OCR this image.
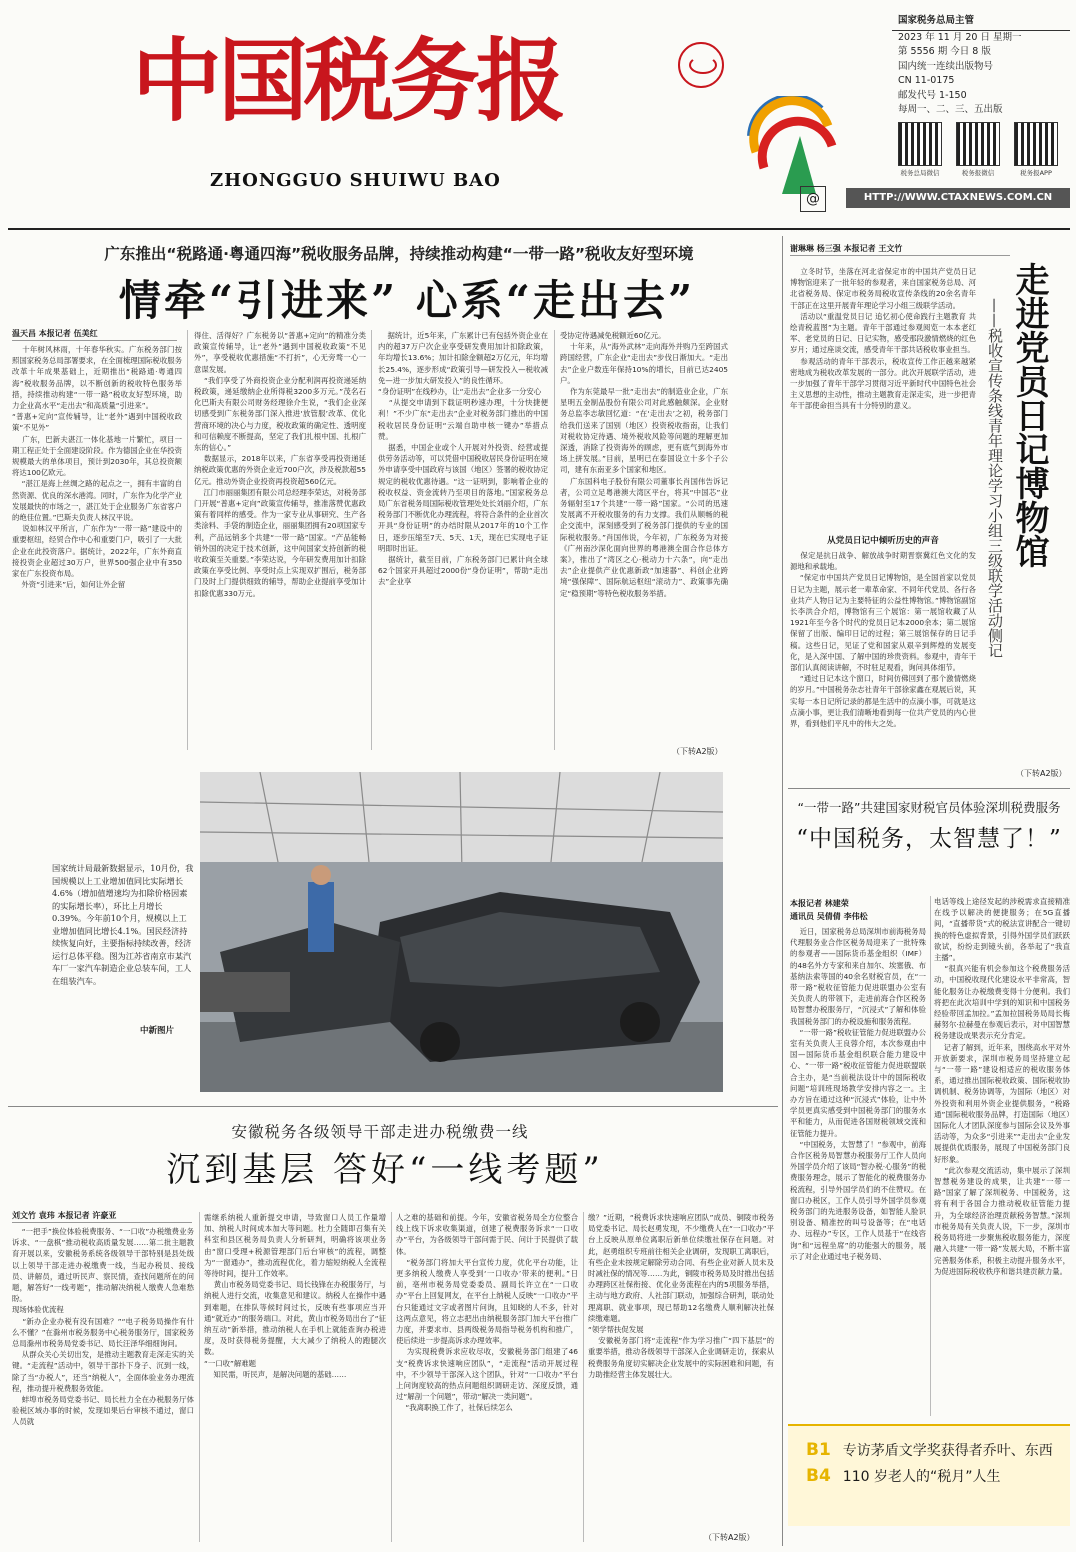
中国税务报
ZHONGGUO SHUIWU BAO
国家税务总局主管
2023 年 11 月 20 日 星期一
第 5556 期 今日 8 版
国内统一连续出版物号
CN 11-0175
邮发代号 1-150
每周一、二、三、五出版
税务总局微信	税务报微信	税务报APP
@	HTTP://WWW.CTAXNEWS.COM.CN
广东推出“税路通·粤通四海”税收服务品牌，持续推动构建“一带一路”税收友好型环境
情牵“引进来” 心系“走出去”
温天昌 本报记者 伍美红
十年树风林雨，十年春华秋实。广东税务部门按照国家税务总局部署要求，在全面梳理国际税收服务改革十年成果基础上，近期推出“税路通·粤通四海”税收服务品牌，以不断创新的税收特色服务举措，持续推动构建“一带一路”税收友好型环境，助力企业高水平“走出去”和高质量“引进来”。
“普惠+定向”宣传辅导，让“老外”遇到中国税收政策“不见外”
广东，巴新夫湛江一体化基地一片繁忙，项目一期工程正处于全面建设阶段。作为德国企业在华投资规模最大的单体项目，预计到2030年，其总投资额将达100亿欧元。
“湛江是海上丝绸之路的起点之一，拥有丰富的自然资源、优良的深水港湾。同时，广东作为化学产业发展最快的市场之一，湛江处于企业服务广东省客户的绝佳位置。”巴斯夫负责人林汉平说。
说如林汉平所言，广东作为“一带一路”建设中的重要枢纽，经贸合作中心和重要门户，吸引了一大批企业在此投资落户。据统计，2022年，广东外商直接投资企业超过30万户，世界500强企业中有350家在广东投资布局。
外资“引进来”后，如何让外企留
得住、活得好？广东税务以“普惠+定向”的精准分类政策宣传辅导，让“老外”遇到中国税收政策“不见外”，享受税收优惠措施“不打折”，心无旁骛一心一意谋发展。
“我们享受了外商投资企业分配利润再投资递延纳税政策，递延缴纳企业所得税3200多万元。”茂名石化巴斯夫有限公司财务经理徐介生说，“我们企业深切感受到广东税务部门深入推进‘放管服’改革、优化营商环境的决心与力度，税收政策的确定性、透明度和可信赖度不断提高，坚定了我们扎根中国、扎根广东的信心。”
数据显示，2018年以来，广东省享受再投资递延纳税政策优惠的外资企业近700户次，涉及税款超55亿元。推动外资企业投资再投资超560亿元。
江门市丽丽集团有限公司总经理李荣达，对税务部门开展“普惠+定向”政策宣传辅导，推准落赞优惠政策有着同样的感受。作为一家专业从事研究、生产各类涂料、手袋的制造企业，丽丽集团拥有20项国家专利，产品远销多个共建“一带一路”国家。“产品能畅销外国的决定于技术创新，这中间国家支持创新的税收政策至关重要。”李荣达说，今年研发费用加计扣除政策在享受比例、享受时点上实现双扩围后，税务部门及时上门提供细致的辅导，帮助企业提前享受加计扣除优惠330万元。
据统计，近5年来，广东累计已有包括外资企业在内的超37万户次企业享受研发费用加计扣除政策，年均增长13.6%；加计扣除金额超2万亿元，年均增长25.4%，逐步形成“政策引导—研发投入—税收减免—进一步加大研发投入”的良性循环。
“身份证明”在线秒办，让“走出去”企业多一分安心
“从提交申请到下载证明秒速办理，十分快捷便利！”不少广东“走出去”企业对税务部门推出的中国税收居民身份证明“云端自助申核一键办”举措点赞。
据悉，中国企业或个人开展对外投资、经营或提供劳务活动等，可以凭借中国税收居民身份证明在境外申请享受中国政府与该国（地区）签署的税收协定规定的税收优惠待遇。“这一证明到，影响着企业的税收权益、资金流转乃至项目的落地。”国家税务总局广东省税务局国际税收管理处处长刘丽介绍，广东税务部门不断优化办理流程，将符合条件的企业首次开具“身份证明”的办结时限从2017年的10个工作日，逐步压缩至7天、5天、1天，现在已实现电子证明即时出证。
据统计，截至目前，广东税务部门已累计向全球62个国家开具超过2000份“身份证明”，帮助“走出去”企业享
受协定待遇减免税额近60亿元。
十年来，从“海外武林”走向海外并购乃至跨国式跨国经营，广东企业“走出去”步伐日渐加大。“走出去”企业户数连年保持10%的增长，目前已达2405户。
作为东莞最早一批“走出去”的制造业企业，广东星明五金制品股份有限公司对此感触颇深。企业财务总监李志敏回忆道：“在‘走出去’之初，税务部门给我们送来了国别（地区）投资税收指南，让我们对税收协定待遇、境外税收风险等问题的理解更加深透，消除了投资海外的顾虑，更有底气到海外市场上拼发展。”目前，星明已在泰国设立十多个子公司，建有东南亚多个国家和地区。
广东国科电子股份有限公司董事长肖国伟告诉记者，公司立足粤港澳大湾区平台，将其“中国芯”业务辐射至17个共建“一带一路”国家。“公司的迅速发展离不开税收服务的有力支撑。我们从顺畅的税企交流中，深刻感受到了税务部门提供的专业的国际税收服务。”肖国伟说，今年初，广东税务为对接《广州南沙深化面向世界的粤港澳全面合作总体方案》，推出了“湾区之心·税动力十六条”，向“走出去”企业提供产业优惠新政“加速器”、科创企业跨境“强保障”、国际航运枢纽“滚动力”、政策事先确定“稳预期”等特色税收服务举措。
（下转A2版）
国家统计局最新数据显示，10月份，我国规模以上工业增加值同比实际增长4.6%（增加值增速均为扣除价格因素的实际增长率），环比上月增长0.39%。今年前10个月，规模以上工业增加值同比增长4.1%。国民经济持续恢复向好，主要指标持续改善，经济运行总体平稳。图为江苏省南京市某汽车厂一家汽车制造企业总装车间，工人在组装汽车。
中新图片
谢琳琳 杨三强 本报记者 王文竹
立冬时节，坐落在河北省保定市的中国共产党员日记博物馆迎来了一批年轻的参观者，来自国家税务总局、河北省税务局、保定市税务局税收宣传条线的20余名青年干部正在这里开展青年理论学习小组三级联学活动。
活动以“重温党员日记 追忆初心使命践行主题教育 共绘青税蓝图”为主题。青年干部通过参观阅览一本本老红军、老党员的日记、日记实物，感受那段激情燃烧的红色岁月；通过座谈交流，感受青年干部共话税收事业担当。
参观活动的青年干部表示，税收宣传工作正越来越紧密地成为税收改革发展的一部分。此次开展联学活动，进一步加强了青年干部学习贯彻习近平新时代中国特色社会主义思想的主动性，推动主题教育走深走实，进一步把青年干部使命担当具有十分特别的意义。
从党员日记中倾听历史的声音
保定是抗日战争、解放战争时期晋察冀红色文化的发源地和承载地。
“保定市中国共产党员日记博物馆，是全国首家以党员日记为主题，展示老一辈革命家、不同年代党员、各行各业共产人物日记为主要特征的公益性博物馆。”博物馆副馆长李洪合介绍，博物馆有三个展馆：第一展馆收藏了从1921年至今各个时代的党员日记本2000余本；第二展馆保留了出版、编印日记的过程；第三展馆保存的日记手稿。这些日记，见证了党和国家从艰辛到辉煌的发展变化，是入深中国、了解中国的珍贵资料。参观中，青年干部们认真阅读讲解，不时驻足观看，询问具体细节。
“通过日记本这个窗口，时间仿佛回到了那个激情燃烧的岁月。”中国税务杂志社青年干部徐家鑫在观展后说，其实每一本日记所记录的都是生活中的点滴小事，可就是这点滴小事，更让我们清晰地看到每一位共产党员的内心世界，看到他们平凡中的伟大之处。
（下转A2版）
走进党员日记博物馆
——税收宣传条线青年理论学习小组三级联学活动侧记
“一带一路”共建国家财税官员体验深圳税费服务
“中国税务，太智慧了！”
本报记者 林建荣
通讯员 吴倩倩 李伟松
近日，国家税务总局深圳市前海税务局代理服务业合作区税务局迎来了一批特殊的参观者——国际货币基金组织（IMF）的48名外方专家和来自加尔、埃塞俄、布基纳法索等国的40余名财税官员，在“一带一路”税收征管能力促进联盟办公室有关负责人的带领下，走进前海合作区税务局智慧办税服务厅，“沉浸式”了解和体验我国税务部门的办税设施和服务流程。
“一带一路”税收征管能力促进联盟办公室有关负责人王良蓉介绍，本次参观由中国—国际货币基金组织联合能力建设中心、“一带一路”税收征管能力促进联盟联合主办，是“当前税法设计中的国际税收问题”培训班现场教学安排内容之一。主办方旨在通过这种“沉浸式”体验，让中外学员更真实感受到中国税务部门的服务水平和能力，从而促进各国财税领域交流和征管能力提升。
“中国税务，太智慧了！”参观中，前海合作区税务局智慧办税服务厅工作人员向外国学员介绍了该局“智办税·心服务”的税费服务理念，展示了智能化的税费服务办税流程，引导外国学员们的不住赞叹。在窗口办税区，工作人员引导外国学员参观税务部门的先进服务设备，如智能人脸识别设备、精准控的叫号设备等；在“电话办、远程办”专区，工作人员基于“在线咨询”和“远程坐席”的功能强大的服务，展示了对企业通过电子税务局、
电话等线上途径发起的涉税需求直接精准在线予以解决的便捷服务；在5G直播间，“直播带货”式的税法宣讲配合一键切换的特色虚拟背景，引得外国学员们跃跃欲试，纷纷走到镜头前，各举起了“我直主播”。
“很真兴能有机会参加这个税费服务活动，中国税收现代化建设水平非常高，智能化服务让办税缴费变得十分便利。我们将把在此次培训中学到的知识和中国税务经验带回孟加拉。”孟加拉国税务局局长梅赫努尔·拉赫曼在参观后表示，对中国智慧税务建设成果表示充分肯定。
记者了解到，近年来，围绕高水平对外开放新要求，深圳市税务局坚持建立起与“一带一路”建设相适应的税收服务体系，通过推出国际税收政策、国际税收协调机制、税务协调等，为国际（地区）对外投资和利用外资企业提供服务，“税路通”国际税收服务品牌，打造国际（地区）国际化人才团队深度参与国际会议及外事活动等，为众多“引进来”“走出去”企业发展提供优质服务，展现了中国税务部门良好形象。
“此次参观交流活动，集中展示了深圳智慧税务建设的成果，让共建“一带一路”国家了解了深圳税务、中国税务，这将有利于各国合力推动税收征管能力提升，为全球经济治理贡献税务智慧。”深圳市税务局有关负责人说，下一步，深圳市税务局将进一步聚焦税收服务能力，深度融入共建“一带一路”发展大局，不断丰富完善服务体系，积极主动提升服务水平，为促进国际税收秩序和谐共建贡献力量。
B1 专访茅盾文学奖获得者乔叶、东西
B4 110 岁老人的“税月”人生
安徽税务各级领导干部走进办税缴费一线
沉到基层 答好“一线考题”
刘文竹 袁玮 本报记者 许豪亚
“一把手”换位体验税费服务、“一口收”办税缴费业务诉求、“一盘棋”推动税收高质量发展……第二批主题教育开展以来，安徽税务系统各级领导干部特别是县处级以上领导干部走进办税缴费一线，当起办税员、接线员、讲解员，通过听民声、察民情，查找问题所在的问题，解答好“一线考题”，推动解决纳税人缴费人急难愁盼。
现场体验优流程
“新办企业办税有没有国难？”“电子税务局操作有什么不懂？”在滁州市税务服务中心税务服务厅，国家税务总局滁州市税务局党委书记、局长汪泽华细细询问。
从群众关心关切出发，是推动主题教育走深走实的关键。“走流程”活动中，领导干部扑下身子、沉到一线，除了当“办税人”，还当“纳税人”，全面体验业务办理流程，推动提升税费服务效能。
蚌埠市税务局党委书记、局长杜力全在办税服务厅体验税区域办事的时候，发现如果后台审核不通过，窗口人员就
需继系纳税人重新提交申请，导致窗口人员工作量增加、纳税人时间成本加大等问题。杜力全随即召集有关科室和县区税务局负责人分析研判，明确将该项业务由“窗口受理+税源管理部门后台审核”的流程，调整为“一窗通办”，推动流程优化，着力缩短纳税人全流程等待时间，提升工作效率。
黄山市税务局党委书记、局长钱锋在办税服务厅，与纳税人进行交流，收集意见和建议。纳税人在操作中遇到难题，在排队等候时间过长，反映有些事项应当开通“就近办”的服务端口。对此，黄山市税务局出台了“征纳互动”新举措，推动纳税人在手机上就能查询办税进度，及时获得税务提醒，大大减少了纳税人的跑腿次数。
“一口收”解难题
知民需，听民声，是解决问题的基础……
人之难的基础和前提。今年，安徽省税务局全方位整合线上线下诉求收集渠道，创建了税费服务诉求“一口收办”平台，为各级领导干部问需于民、问计于民提供了载体。
“税务部门将加大平台宣传力度，优化平台功能，让更多纳税人缴费人享受到‘一口收办’带来的便利。”日前，亳州市税务局党委委员、副局长许立在“一口收办”平台上回复网友，在平台上纳税人反映“一口收办”平台只能通过文字或者图片问询，且知晓的人不多，针对这两点意见，将立志把出由纳税服务部门加大平台推广力度，并要求市、县两级税务局指导税务机构和推广，使后续进一步提高诉求办理效率。
为实现税费诉求应收尽收，安徽税务部门组建了46支“税费诉求快速响应团队”，“走流程”活动开展过程中，不少领导干部深入这个团队，针对“一口收办”平台上问询度较高的热点问题组织调研走访、深度反馈，通过“解剖一个问题”，带动“解决一类问题”。
“我离职换工作了，社保后续怎么
缴？”近期，“税费诉求快速响应团队”成员、铜陵市税务局党委书记、局长赵勇发现，不少缴费人在“一口收办”平台上反映从原单位离职后新单位续缴社保存在问题。对此，赵勇组织专班前往相关企业调研，发现职工离职后，有些企业未按规定解除劳动合同、有些企业对新人员未及时减社保的情况等……为此，铜陵市税务局及时推出包括办理跨区社保衔接、优化业务流程在内的5项服务举措，主动与地方政府、人社部门联动，加强综合研判，联动处理离职、就业事项，现已帮助12名缴费人顺利解决社保续缴难题。
“领学帮扶促发展
安徽税务部门将“走流程”作为学习推广“四下基层”的重要举措，推动各级领导干部深入企业调研走访，探索从税费服务角度切实解决企业发展中的实际困难和问题，有力助推经营主体发展壮大。
（下转A2版）
